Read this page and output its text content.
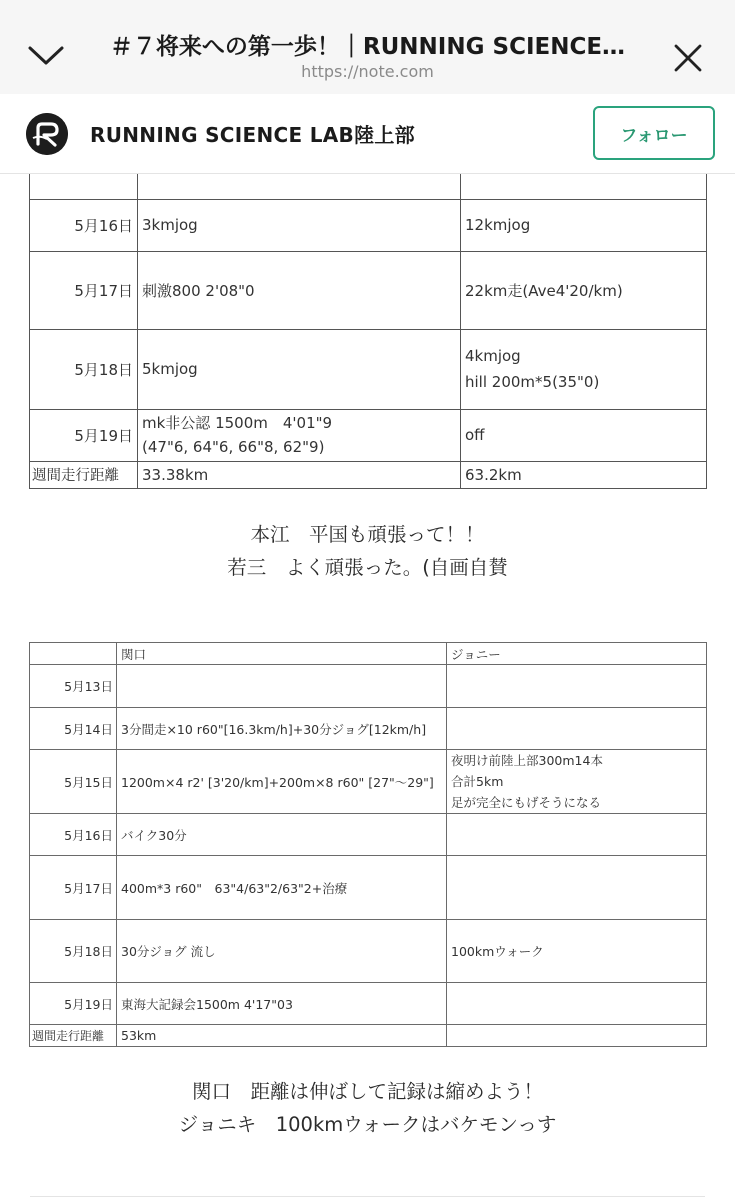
＃７将来への第一歩！｜RUNNING SCIENCE…
https://note.com
RUNNING SCIENCE LAB陸上部	フォロー

5月16日	3kmjog	12kmjog
5月17日	刺激800 2'08"0	22km走(Ave4'20/km)
5月18日	5kmjog	4kmjog
hill 200m*5(35"0)

5月19日	mk非公認 1500m　4'01"9
(47"6, 64"6, 66"8, 62"9)	off
週間走行距離	33.38km	63.2km
本江　平国も頑張って！！
若三　よく頑張った。(自画自賛
	関口	ジョニー
5月13日		
5月14日	3分間走×10 r60"[16.3km/h]+30分ジョグ[12km/h]	
5月15日	1200m×4 r2' [3'20/km]+200m×8 r60" [27"〜29"]	夜明け前陸上部300m14本
合計5km
足が完全にもげそうになる

5月16日	バイク30分	
5月17日	400m*3 r60"　63"4/63"2/63"2+治療	
5月18日	30分ジョグ 流し	100kmウォーク
5月19日	東海大記録会1500m 4'17"03	
週間走行距離	53km	
関口　距離は伸ばして記録は縮めよう！
ジョニキ　100kmウォークはバケモンっす
